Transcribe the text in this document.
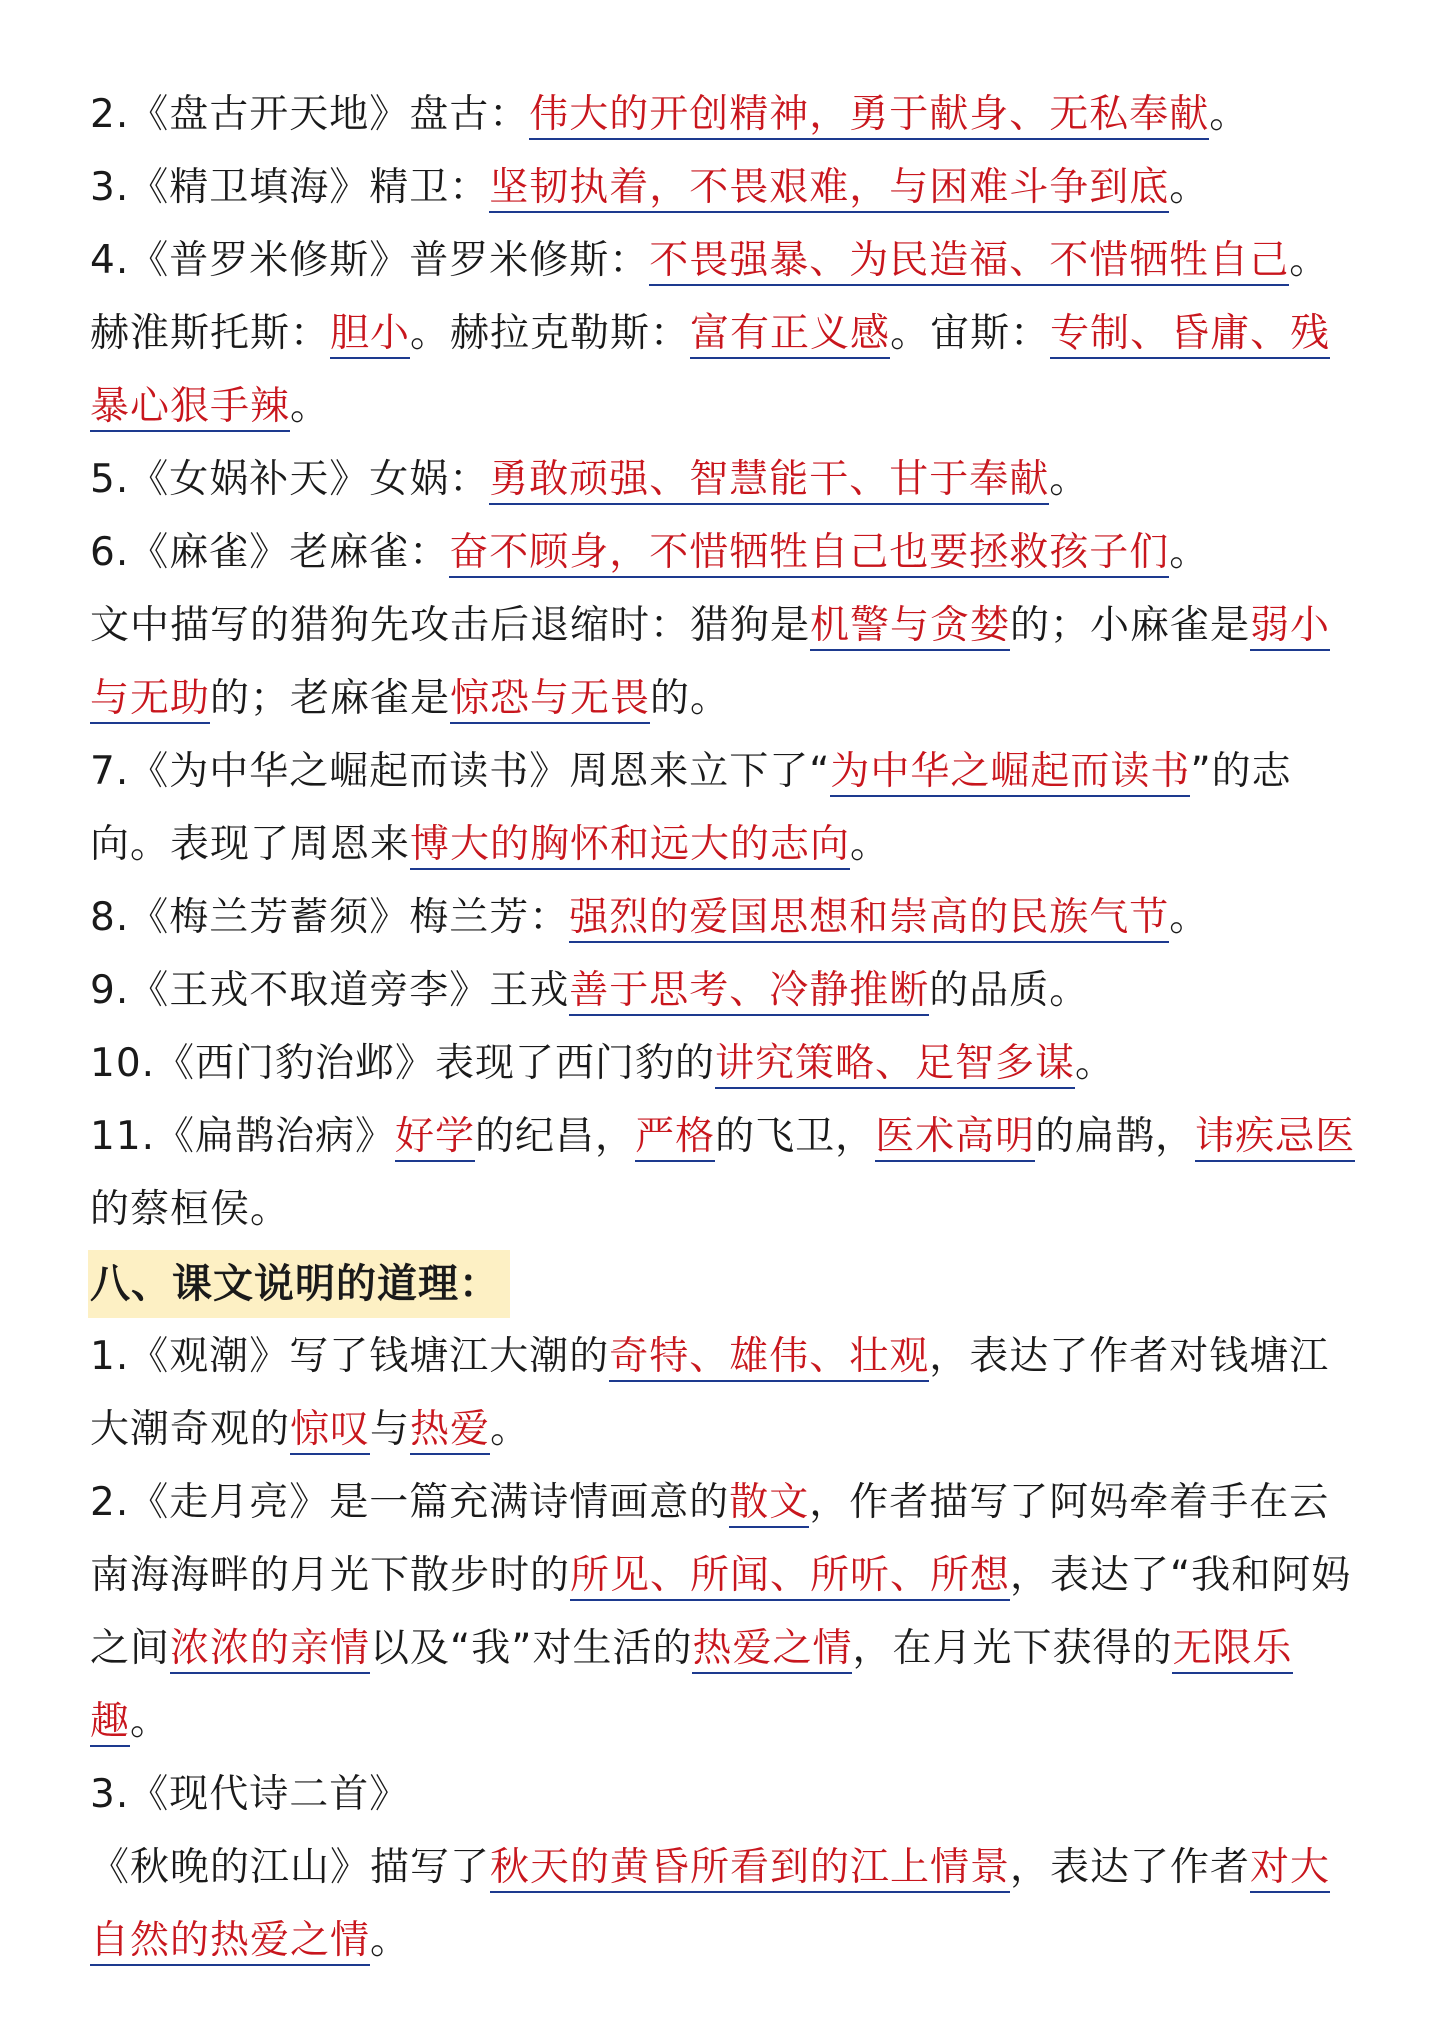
2.《盘古开天地》盘古：伟大的开创精神，勇于献身、无私奉献。

3.《精卫填海》精卫：坚韧执着，不畏艰难，与困难斗争到底。

4.《普罗米修斯》普罗米修斯：不畏强暴、为民造福、不惜牺牲自己。赫淮斯托斯：胆小。赫拉克勒斯：富有正义感。宙斯：专制、昏庸、残暴心狠手辣。

5.《女娲补天》女娲：勇敢顽强、智慧能干、甘于奉献。

6.《麻雀》老麻雀：奋不顾身，不惜牺牲自己也要拯救孩子们。

文中描写的猎狗先攻击后退缩时：猎狗是机警与贪婪的；小麻雀是弱小与无助的；老麻雀是惊恐与无畏的。

7.《为中华之崛起而读书》周恩来立下了“为中华之崛起而读书”的志向。表现了周恩来博大的胸怀和远大的志向。

8.《梅兰芳蓄须》梅兰芳：强烈的爱国思想和崇高的民族气节。

9.《王戎不取道旁李》王戎善于思考、冷静推断的品质。

10.《西门豹治邺》表现了西门豹的讲究策略、足智多谋。

11.《扁鹊治病》好学的纪昌，严格的飞卫，医术高明的扁鹊，讳疾忌医的蔡桓侯。

八、课文说明的道理：

1.《观潮》写了钱塘江大潮的奇特、雄伟、壮观，表达了作者对钱塘江大潮奇观的惊叹与热爱。

2.《走月亮》是一篇充满诗情画意的散文，作者描写了阿妈牵着手在云南海海畔的月光下散步时的所见、所闻、所听、所想，表达了“我和阿妈之间浓浓的亲情以及“我”对生活的热爱之情，在月光下获得的无限乐趣。

3.《现代诗二首》

《秋晚的江山》描写了秋天的黄昏所看到的江上情景，表达了作者对大自然的热爱之情。
